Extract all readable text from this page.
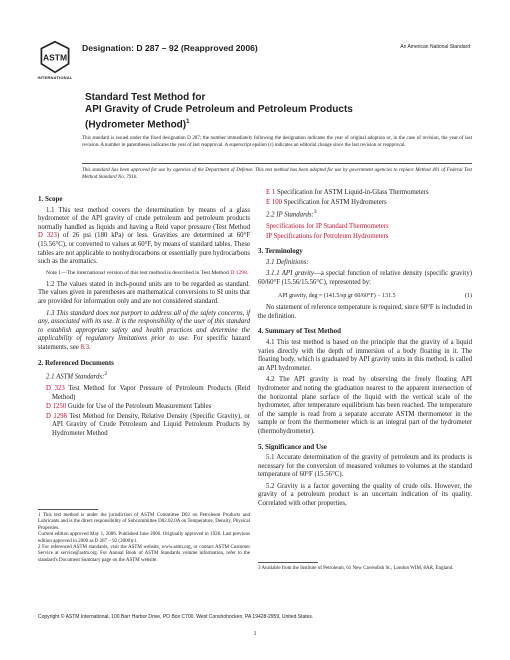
ASTM
INTERNATIONAL
Designation: D 287 – 92 (Reapproved 2006)	An American National Standard
Standard Test Method for
API Gravity of Crude Petroleum and Petroleum Products
(Hydrometer Method)$^1$
This standard is issued under the fixed designation D 287; the number immediately following the designation indicates the year of original adoption or, in the case of revision, the year of last revision. A number in parentheses indicates the year of last reapproval. A superscript epsilon (ε) indicates an editorial change since the last revision or reapproval.
This standard has been approved for use by agencies of the Department of Defense. This test method has been adopted for use by government agencies to replace Method 401 of Federal Test Method Standard No. 791b.
1. Scope

1.1 This test method covers the determination by means of a glass hydrometer of the API gravity of crude petroleum and petroleum products normally handled as liquids and having a Reid vapor pressure (Test Method D 323) of 26 psi (180 kPa) or less. Gravities are determined at 60°F (15.56°C), or converted to values at 60°F, by means of standard tables. These tables are not applicable to nonhydrocarbons or essentially pure hydrocarbons such as the aromatics.

Note 1—The international version of this test method is described in Test Method D 1298.

1.2 The values stated in inch-pound units are to be regarded as standard. The values given in parentheses are mathematical conversions to SI units that are provided for information only and are not considered standard.

1.3 This standard does not purport to address all of the safety concerns, if any, associated with its use. It is the responsibility of the user of this standard to establish appropriate safety and health practices and determine the applicability of regulatory limitations prior to use. For specific hazard statements, see 8.3.

2. Referenced Documents

2.1 ASTM Standards:$^2$

D 323 Test Method for Vapor Pressure of Petroleum Products (Reid Method)

D 1250 Guide for Use of the Petroleum Measurement Tables

D 1298 Test Method for Density, Relative Density (Specific Gravity), or API Gravity of Crude Petroleum and Liquid Petroleum Products by Hydrometer Method

E 1 Specification for ASTM Liquid-in-Glass Thermometers

E 100 Specification for ASTM Hydrometers

2.2 IP Standards:$^3$

Specifications for IP Standard Thermometers

IP Specifications for Petroleum Hydrometers

3. Terminology

3.1 Definitions:

3.1.1 API gravity—a special function of relative density (specific gravity) 60/60°F (15.56/15.56°C), represented by:

API gravity, deg = (141.5/sp gr 60/60°F) − 131.5	(1)

No statement of reference temperature is required, since 60°F is included in the definition.

4. Summary of Test Method

4.1 This test method is based on the principle that the gravity of a liquid varies directly with the depth of immersion of a body floating in it. The floating body, which is graduated by API gravity units in this method, is called an API hydrometer.

4.2 The API gravity is read by observing the freely floating API hydrometer and noting the graduation nearest to the apparent intersection of the horizontal plane surface of the liquid with the vertical scale of the hydrometer, after temperature equilibrium has been reached. The temperature of the sample is read from a separate accurate ASTM thermometer in the sample or from the thermometer which is an integral part of the hydrometer (thermohydrometer).

5. Significance and Use

5.1 Accurate determination of the gravity of petroleum and its products is necessary for the conversion of measured volumes to volumes at the standard temperature of 60°F (15.56°C).

5.2 Gravity is a factor governing the quality of crude oils. However, the gravity of a petroleum product is an uncertain indication of its quality. Correlated with other properties,

1 This test method is under the jurisdiction of ASTM Committee D02 on Petroleum Products and Lubricants and is the direct responsibility of Subcommittee D02.02.0A on Temperature, Density, Physical Properties.
Current edition approved May 1, 2006. Published June 2006. Originally approved in 1928. Last previous edition approved in 2000 as D 287 – 92 (2000)ε1.
2 For referenced ASTM standards, visit the ASTM website, www.astm.org, or contact ASTM Customer Service at service@astm.org. For Annual Book of ASTM Standards volume information, refer to the standard's Document Summary page on the ASTM website.
3 Available from the Institute of Petroleum, 61 New Cavendish St., London WIM, 8AR, England.
Copyright © ASTM International, 100 Barr Harbor Drive, PO Box C700, West Conshohocken, PA 19428-2959, United States.
1
